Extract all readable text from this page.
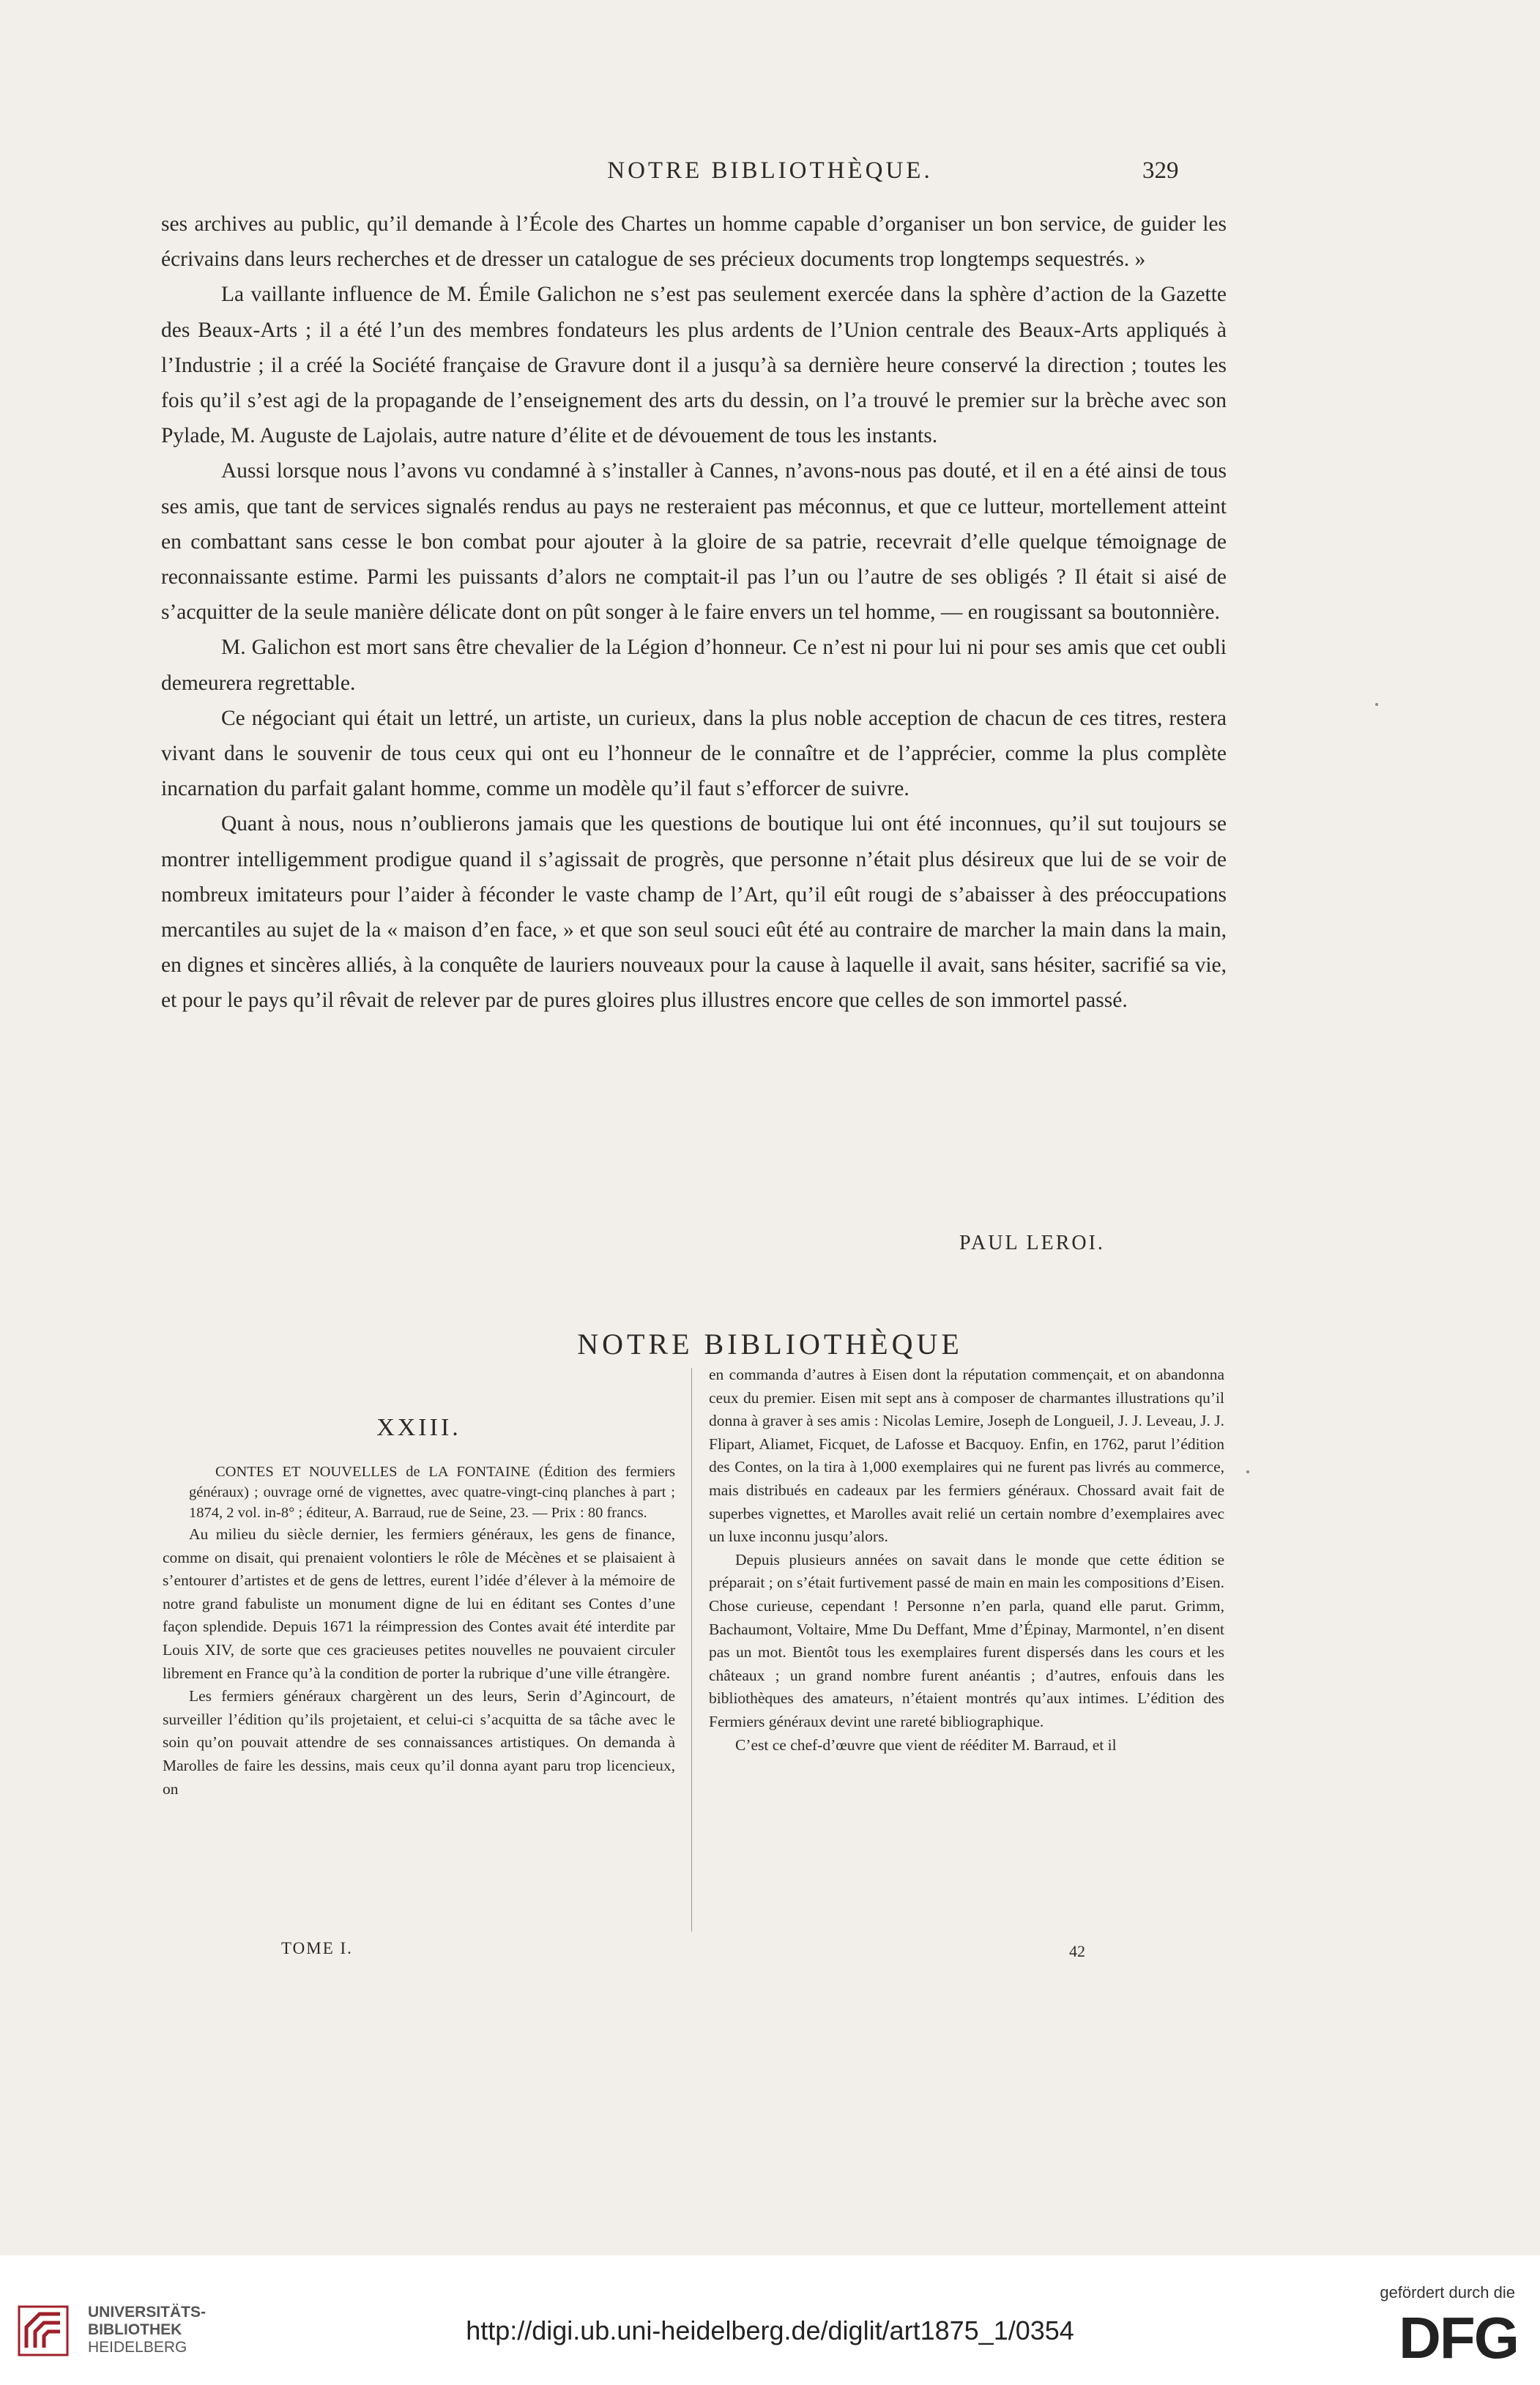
NOTRE BIBLIOTHÈQUE.	329

ses archives au public, qu’il demande à l’École des Chartes un homme capable d’organiser un bon service, de guider les écrivains dans leurs recherches et de dresser un catalogue de ses précieux documents trop longtemps sequestrés. »

La vaillante influence de M. Émile Galichon ne s’est pas seulement exercée dans la sphère d’action de la Gazette des Beaux-Arts ; il a été l’un des membres fondateurs les plus ardents de l’Union centrale des Beaux-Arts appliqués à l’Industrie ; il a créé la Société française de Gravure dont il a jusqu’à sa dernière heure conservé la direction ; toutes les fois qu’il s’est agi de la propagande de l’enseignement des arts du dessin, on l’a trouvé le premier sur la brèche avec son Pylade, M. Auguste de Lajolais, autre nature d’élite et de dévouement de tous les instants.

Aussi lorsque nous l’avons vu condamné à s’installer à Cannes, n’avons-nous pas douté, et il en a été ainsi de tous ses amis, que tant de services signalés rendus au pays ne resteraient pas méconnus, et que ce lutteur, mortellement atteint en combattant sans cesse le bon combat pour ajouter à la gloire de sa patrie, recevrait d’elle quelque témoignage de reconnaissante estime. Parmi les puissants d’alors ne comptait-il pas l’un ou l’autre de ses obligés ? Il était si aisé de s’acquitter de la seule manière délicate dont on pût songer à le faire envers un tel homme, — en rougissant sa boutonnière.

M. Galichon est mort sans être chevalier de la Légion d’honneur. Ce n’est ni pour lui ni pour ses amis que cet oubli demeurera regrettable.

Ce négociant qui était un lettré, un artiste, un curieux, dans la plus noble acception de chacun de ces titres, restera vivant dans le souvenir de tous ceux qui ont eu l’honneur de le connaître et de l’apprécier, comme la plus complète incarnation du parfait galant homme, comme un modèle qu’il faut s’efforcer de suivre.

Quant à nous, nous n’oublierons jamais que les questions de boutique lui ont été inconnues, qu’il sut toujours se montrer intelligemment prodigue quand il s’agissait de progrès, que personne n’était plus désireux que lui de se voir de nombreux imitateurs pour l’aider à féconder le vaste champ de l’Art, qu’il eût rougi de s’abaisser à des préoccupations mercantiles au sujet de la « maison d’en face, » et que son seul souci eût été au contraire de marcher la main dans la main, en dignes et sincères alliés, à la conquête de lauriers nouveaux pour la cause à laquelle il avait, sans hésiter, sacrifié sa vie, et pour le pays qu’il rêvait de relever par de pures gloires plus illustres encore que celles de son immortel passé.

PAUL LEROI.
NOTRE BIBLIOTHÈQUE
XXIII.

CONTES ET NOUVELLES de LA FONTAINE (Édition des fermiers généraux) ; ouvrage orné de vignettes, avec quatre-vingt-cinq planches à part ; 1874, 2 vol. in-8° ; éditeur, A. Barraud, rue de Seine, 23. — Prix : 80 francs.

Au milieu du siècle dernier, les fermiers généraux, les gens de finance, comme on disait, qui prenaient volontiers le rôle de Mécènes et se plaisaient à s’entourer d’artistes et de gens de lettres, eurent l’idée d’élever à la mémoire de notre grand fabuliste un monument digne de lui en éditant ses Contes d’une façon splendide. Depuis 1671 la réimpression des Contes avait été interdite par Louis XIV, de sorte que ces gracieuses petites nouvelles ne pouvaient circuler librement en France qu’à la condition de porter la rubrique d’une ville étrangère.

Les fermiers généraux chargèrent un des leurs, Serin d’Agincourt, de surveiller l’édition qu’ils projetaient, et celui-ci s’acquitta de sa tâche avec le soin qu’on pouvait attendre de ses connaissances artistiques. On demanda à Marolles de faire les dessins, mais ceux qu’il donna ayant paru trop licencieux, on

en commanda d’autres à Eisen dont la réputation commençait, et on abandonna ceux du premier. Eisen mit sept ans à composer de charmantes illustrations qu’il donna à graver à ses amis : Nicolas Lemire, Joseph de Longueil, J. J. Leveau, J. J. Flipart, Aliamet, Ficquet, de Lafosse et Bacquoy. Enfin, en 1762, parut l’édition des Contes, on la tira à 1,000 exemplaires qui ne furent pas livrés au commerce, mais distribués en cadeaux par les fermiers généraux. Chossard avait fait de superbes vignettes, et Marolles avait relié un certain nombre d’exemplaires avec un luxe inconnu jusqu’alors.

Depuis plusieurs années on savait dans le monde que cette édition se préparait ; on s’était furtivement passé de main en main les compositions d’Eisen. Chose curieuse, cependant ! Personne n’en parla, quand elle parut. Grimm, Bachaumont, Voltaire, Mme Du Deffant, Mme d’Épinay, Marmontel, n’en disent pas un mot. Bientôt tous les exemplaires furent dispersés dans les cours et les châteaux ; un grand nombre furent anéantis ; d’autres, enfouis dans les bibliothèques des amateurs, n’étaient montrés qu’aux intimes. L’édition des Fermiers généraux devint une rareté bibliographique.

C’est ce chef-d’œuvre que vient de rééditer M. Barraud, et il

TOME I.	42
UNIVERSITÄTS-
BIBLIOTHEK
HEIDELBERG
http://digi.ub.uni-heidelberg.de/diglit/art1875_1/0354
gefördert durch die
DFG
